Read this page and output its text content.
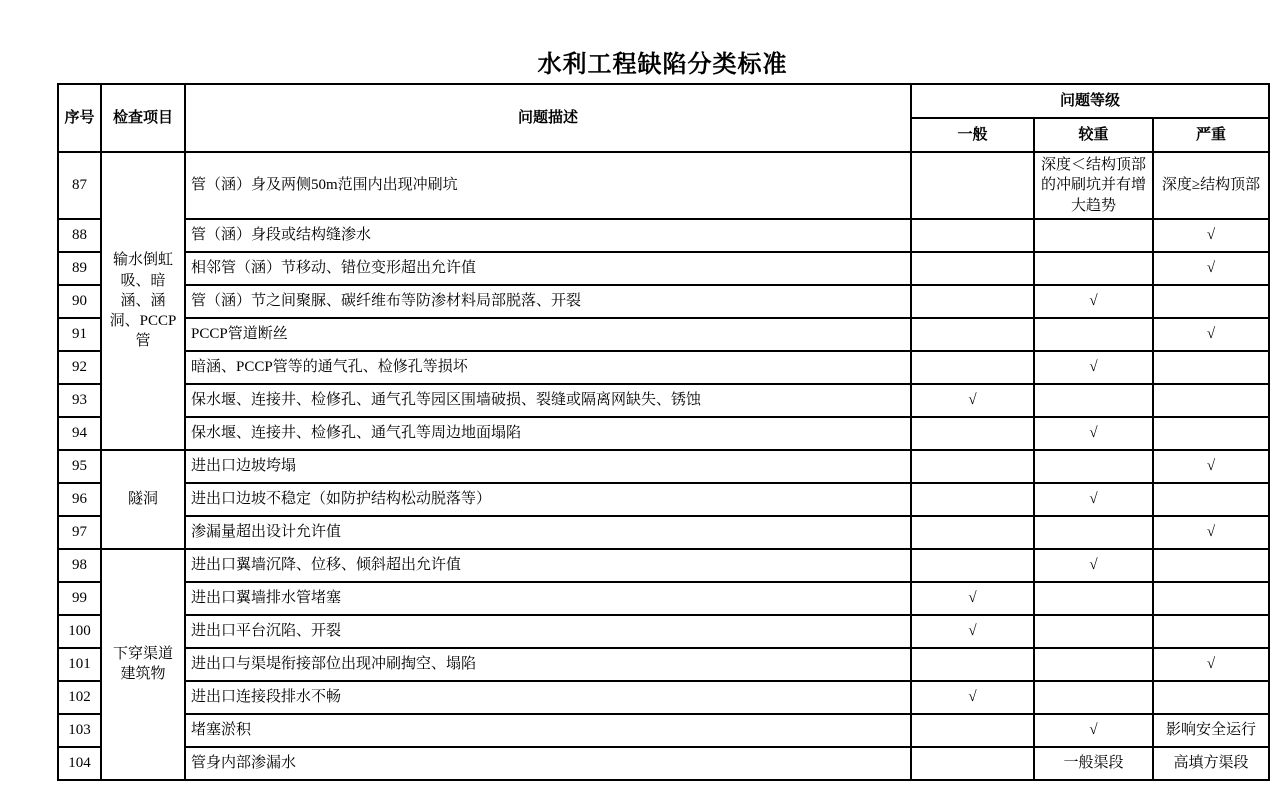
水利工程缺陷分类标准
序号	检查项目	问题描述	问题等级		
			一般	较重	严重
87	输水倒虹吸、暗涵、涵洞、PCCP管	管（涵）身及两侧50m范围内出现冲刷坑		深度＜结构顶部的冲刷坑并有增大趋势	深度≥结构顶部
88		管（涵）身段或结构缝渗水			√
89		相邻管（涵）节移动、错位变形超出允许值			√
90		管（涵）节之间聚脲、碳纤维布等防渗材料局部脱落、开裂		√	
91		PCCP管道断丝			√
92		暗涵、PCCP管等的通气孔、检修孔等损坏		√	
93		保水堰、连接井、检修孔、通气孔等园区围墙破损、裂缝或隔离网缺失、锈蚀	√		
94		保水堰、连接井、检修孔、通气孔等周边地面塌陷		√	
95	隧洞	进出口边坡垮塌			√
96		进出口边坡不稳定（如防护结构松动脱落等）		√	
97		渗漏量超出设计允许值			√
98	下穿渠道建筑物	进出口翼墙沉降、位移、倾斜超出允许值		√	
99		进出口翼墙排水管堵塞	√		
100		进出口平台沉陷、开裂	√		
101		进出口与渠堤衔接部位出现冲刷掏空、塌陷			√
102		进出口连接段排水不畅	√		
103		堵塞淤积		√	影响安全运行
104		管身内部渗漏水		一般渠段	高填方渠段
